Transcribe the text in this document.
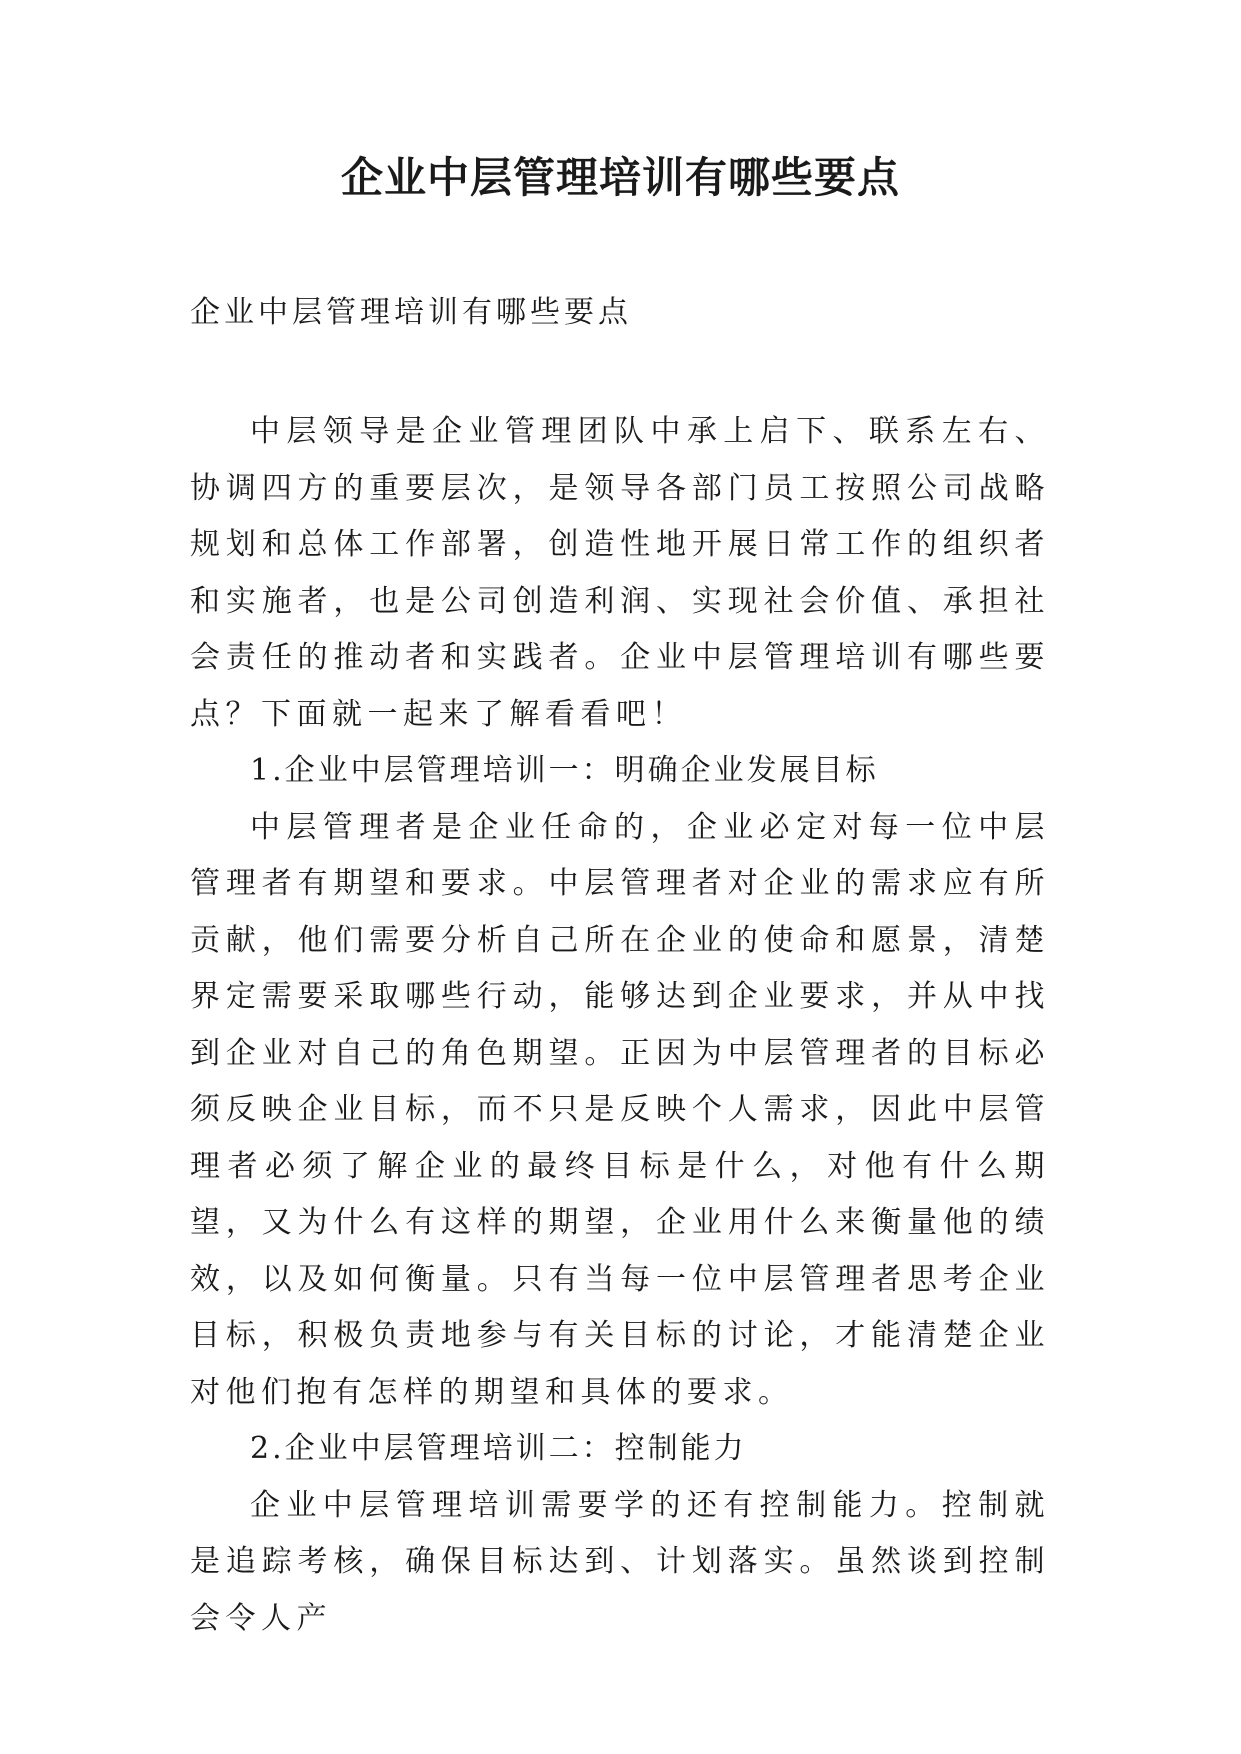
企业中层管理培训有哪些要点
企业中层管理培训有哪些要点

中层领导是企业管理团队中承上启下、联系左右、协调四方的重要层次，是领导各部门员工按照公司战略规划和总体工作部署，创造性地开展日常工作的组织者和实施者，也是公司创造利润、实现社会价值、承担社会责任的推动者和实践者。企业中层管理培训有哪些要点？下面就一起来了解看看吧！

1.企业中层管理培训一：明确企业发展目标

中层管理者是企业任命的，企业必定对每一位中层管理者有期望和要求。中层管理者对企业的需求应有所贡献，他们需要分析自己所在企业的使命和愿景，清楚界定需要采取哪些行动，能够达到企业要求，并从中找到企业对自己的角色期望。正因为中层管理者的目标必须反映企业目标，而不只是反映个人需求，因此中层管理者必须了解企业的最终目标是什么，对他有什么期望，又为什么有这样的期望，企业用什么来衡量他的绩效，以及如何衡量。只有当每一位中层管理者思考企业目标，积极负责地参与有关目标的讨论，才能清楚企业对他们抱有怎样的期望和具体的要求。

2.企业中层管理培训二：控制能力

企业中层管理培训需要学的还有控制能力。控制就是追踪考核，确保目标达到、计划落实。虽然谈到控制会令人产
